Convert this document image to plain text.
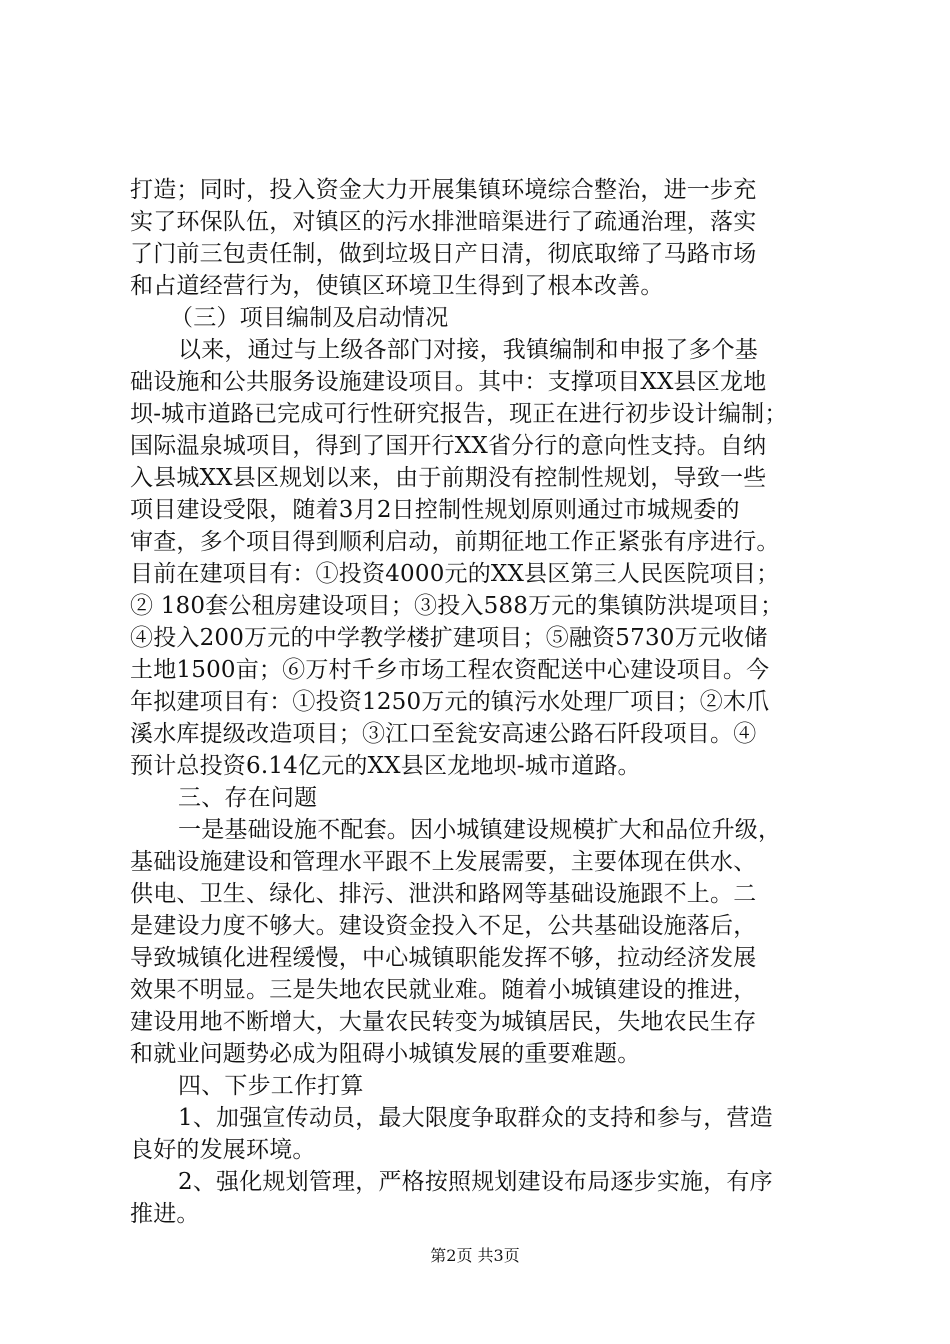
打造；同时，投入资金大力开展集镇环境综合整治，进一步充
实了环保队伍，对镇区的污水排泄暗渠进行了疏通治理，落实
了门前三包责任制，做到垃圾日产日清，彻底取缔了马路市场
和占道经营行为，使镇区环境卫生得到了根本改善。
（三）项目编制及启动情况
以来，通过与上级各部门对接，我镇编制和申报了多个基
础设施和公共服务设施建设项目。其中：支撑项目XX县区龙地
坝-城市道路已完成可行性研究报告，现正在进行初步设计编制；
国际温泉城项目，得到了国开行XX省分行的意向性支持。自纳
入县城XX县区规划以来，由于前期没有控制性规划，导致一些
项目建设受限，随着3月2日控制性规划原则通过市城规委的
审查，多个项目得到顺利启动，前期征地工作正紧张有序进行。
目前在建项目有：①投资4000元的XX县区第三人民医院项目；
② 180套公租房建设项目；③投入588万元的集镇防洪堤项目；
④投入200万元的中学教学楼扩建项目；⑤融资5730万元收储
土地1500亩；⑥万村千乡市场工程农资配送中心建设项目。今
年拟建项目有：①投资1250万元的镇污水处理厂项目；②木爪
溪水库提级改造项目；③江口至瓮安高速公路石阡段项目。④
预计总投资6.14亿元的XX县区龙地坝-城市道路。
三、存在问题
一是基础设施不配套。因小城镇建设规模扩大和品位升级，
基础设施建设和管理水平跟不上发展需要，主要体现在供水、
供电、卫生、绿化、排污、泄洪和路网等基础设施跟不上。二
是建设力度不够大。建设资金投入不足，公共基础设施落后，
导致城镇化进程缓慢，中心城镇职能发挥不够，拉动经济发展
效果不明显。三是失地农民就业难。随着小城镇建设的推进，
建设用地不断增大，大量农民转变为城镇居民，失地农民生存
和就业问题势必成为阻碍小城镇发展的重要难题。
四、下步工作打算
1、加强宣传动员，最大限度争取群众的支持和参与，营造
良好的发展环境。
2、强化规划管理，严格按照规划建设布局逐步实施，有序
推进。
第2页 共3页
